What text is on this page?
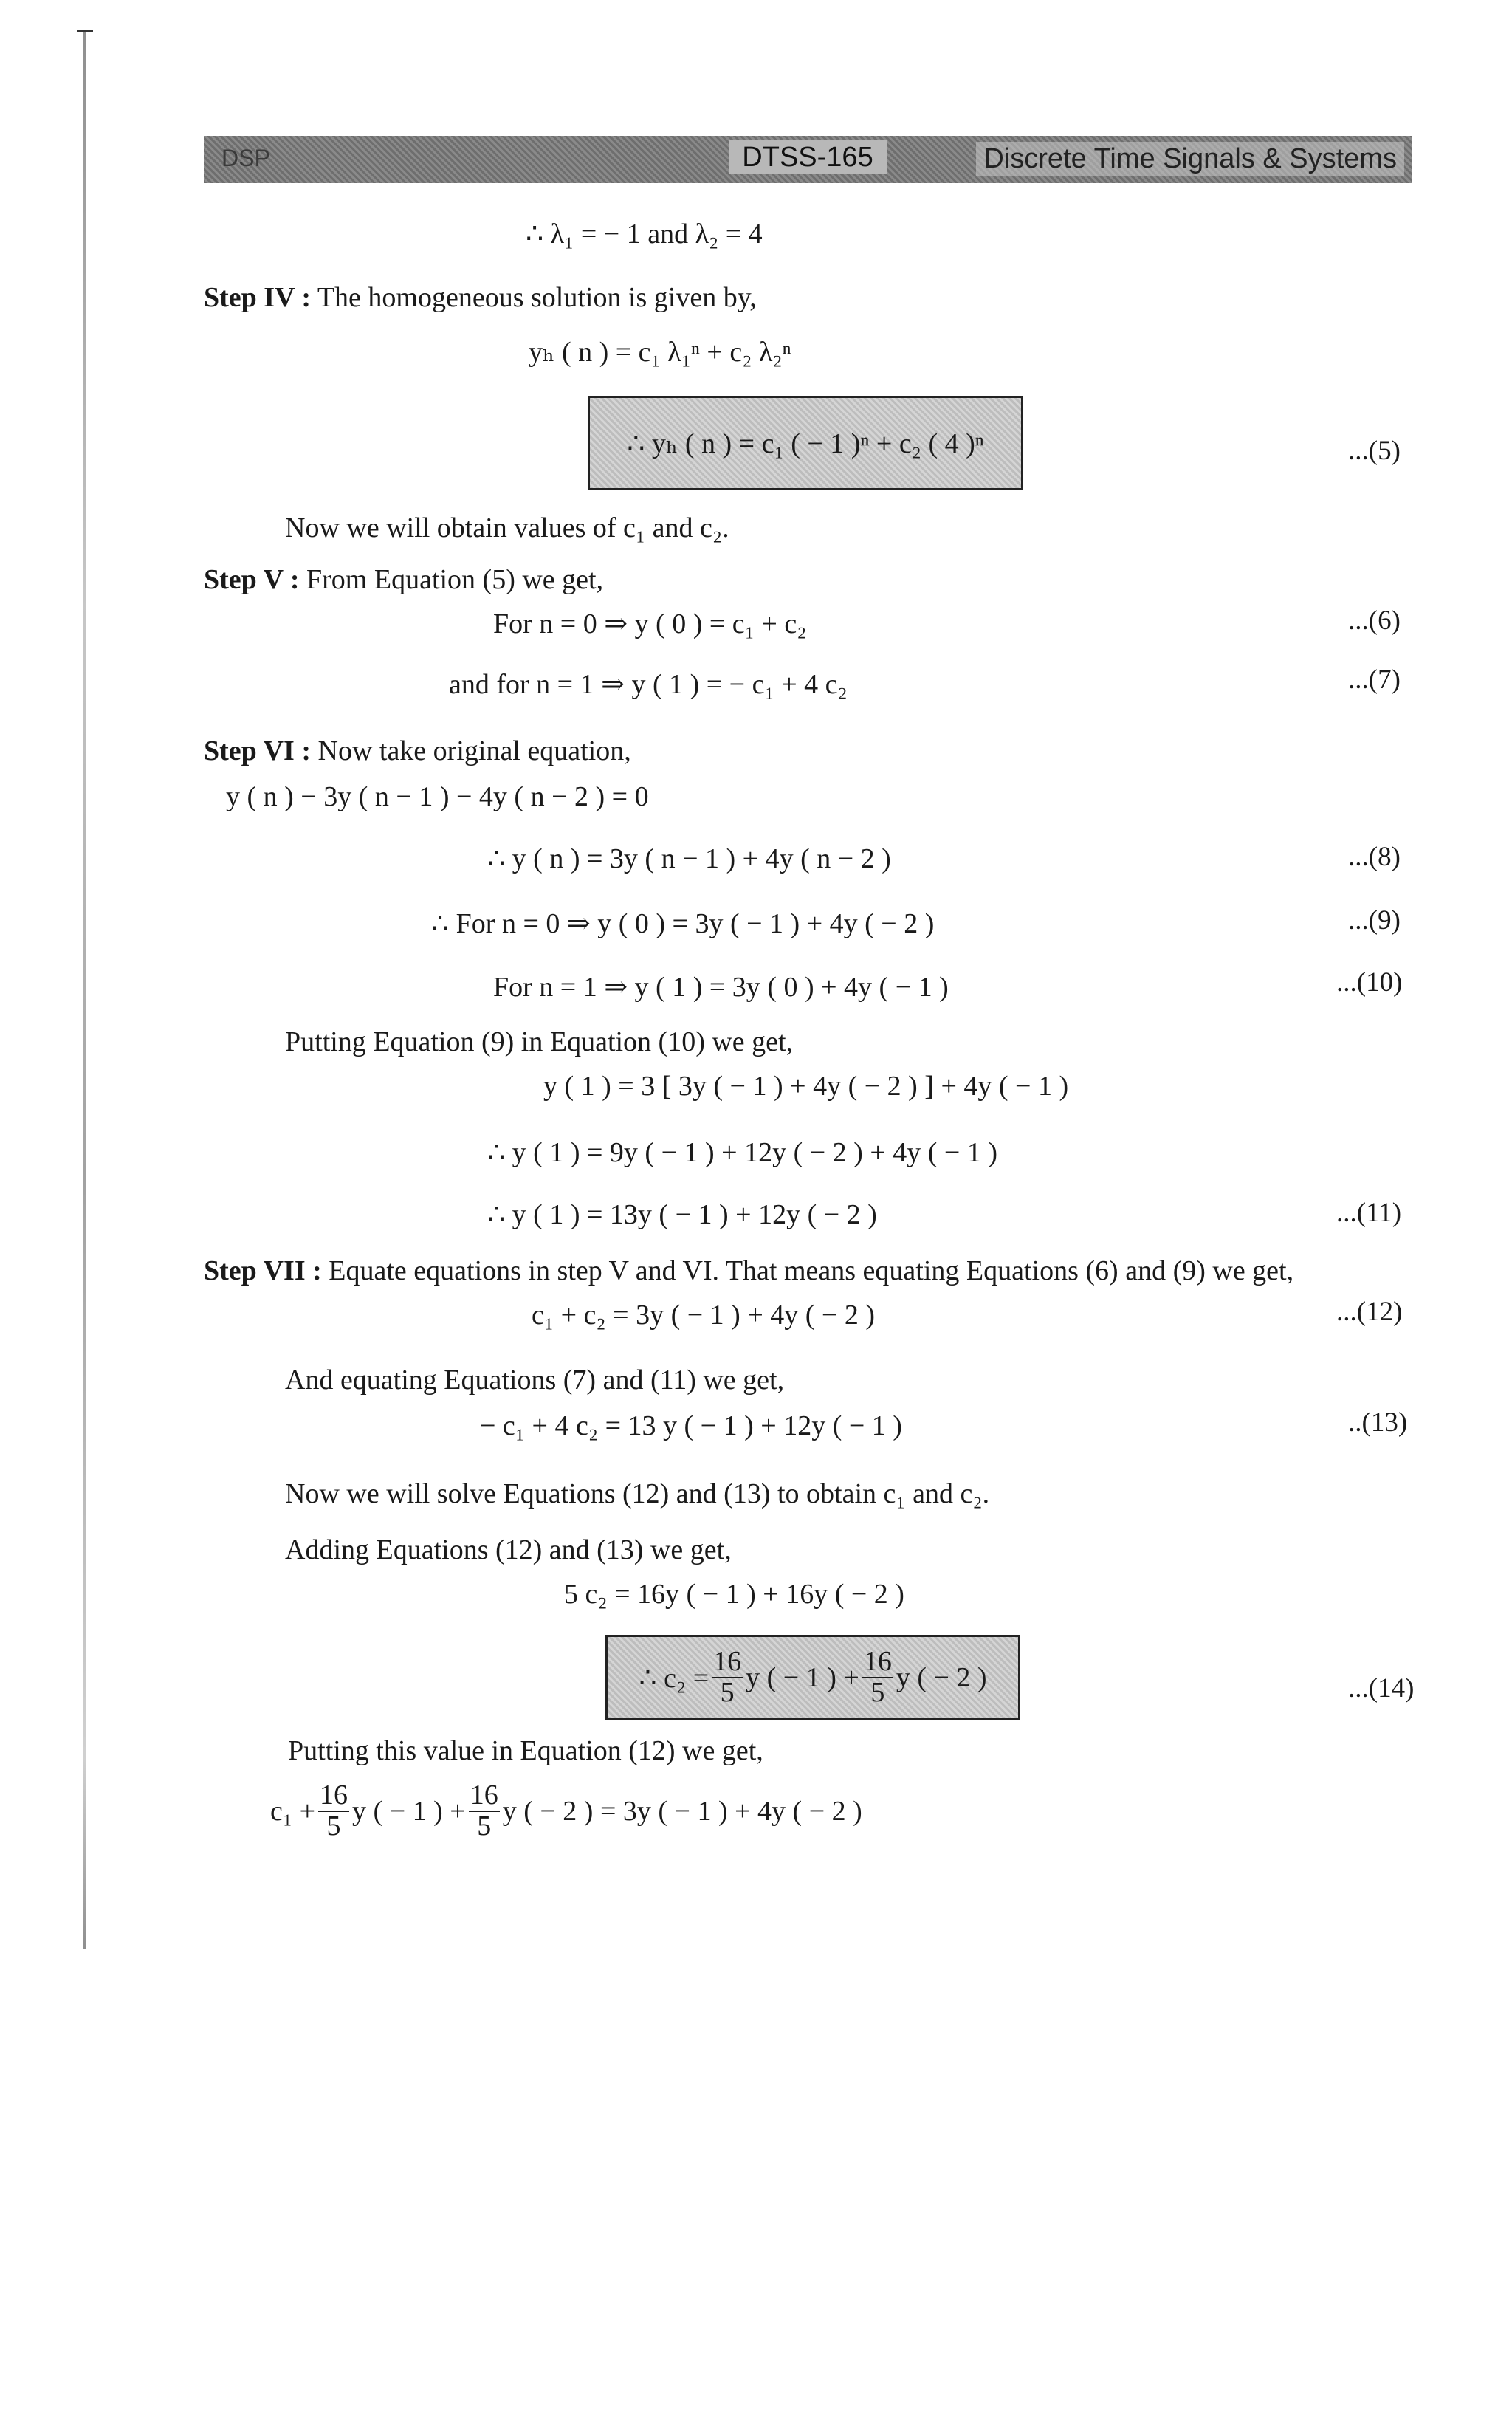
DSP	DTSS-165	Discrete Time Signals & Systems
∴ λ₁ = − 1 and λ₂ = 4
Step IV : The homogeneous solution is given by,
yₕ ( n ) = c₁ λ₁ⁿ + c₂ λ₂ⁿ
∴ yₕ ( n ) = c₁ ( − 1 )ⁿ + c₂ ( 4 )ⁿ	...(5)
Now we will obtain values of c₁ and c₂.
Step V : From Equation (5) we get,
For n = 0 ⇒ y ( 0 ) = c₁ + c₂	...(6)
and for n = 1 ⇒ y ( 1 ) = − c₁ + 4 c₂	...(7)
Step VI : Now take original equation,
y ( n ) − 3y ( n − 1 ) − 4y ( n − 2 ) = 0
∴ y ( n ) = 3y ( n − 1 ) + 4y ( n − 2 )	...(8)
∴ For n = 0 ⇒ y ( 0 ) = 3y ( − 1 ) + 4y ( − 2 )	...(9)
For n = 1 ⇒ y ( 1 ) = 3y ( 0 ) + 4y ( − 1 )	...(10)
Putting Equation (9) in Equation (10) we get,
y ( 1 ) = 3 [ 3y ( − 1 ) + 4y ( − 2 ) ] + 4y ( − 1 )
∴ y ( 1 ) = 9y ( − 1 ) + 12y ( − 2 ) + 4y ( − 1 )
∴ y ( 1 ) = 13y ( − 1 ) + 12y ( − 2 )	...(11)
Step VII : Equate equations in step V and VI. That means equating Equations (6) and (9) we get,
c₁ + c₂ = 3y ( − 1 ) + 4y ( − 2 )	...(12)
And equating Equations (7) and (11) we get,
− c₁ + 4 c₂ = 13 y ( − 1 ) + 12y ( − 1 )	..(13)
Now we will solve Equations (12) and (13) to obtain c₁ and c₂.
Adding Equations (12) and (13) we get,
5 c₂ = 16y ( − 1 ) + 16y ( − 2 )
∴ $c_2 = \frac{16}{5}$ y ( − 1 ) + $\frac{16}{5}$ y ( − 2 )	...(14)
Putting this value in Equation (12) we get,
$c_1 + \frac{16}{5}$ y ( − 1 ) + $\frac{16}{5}$ y ( − 2 ) = 3y ( − 1 ) + 4y ( − 2 )
